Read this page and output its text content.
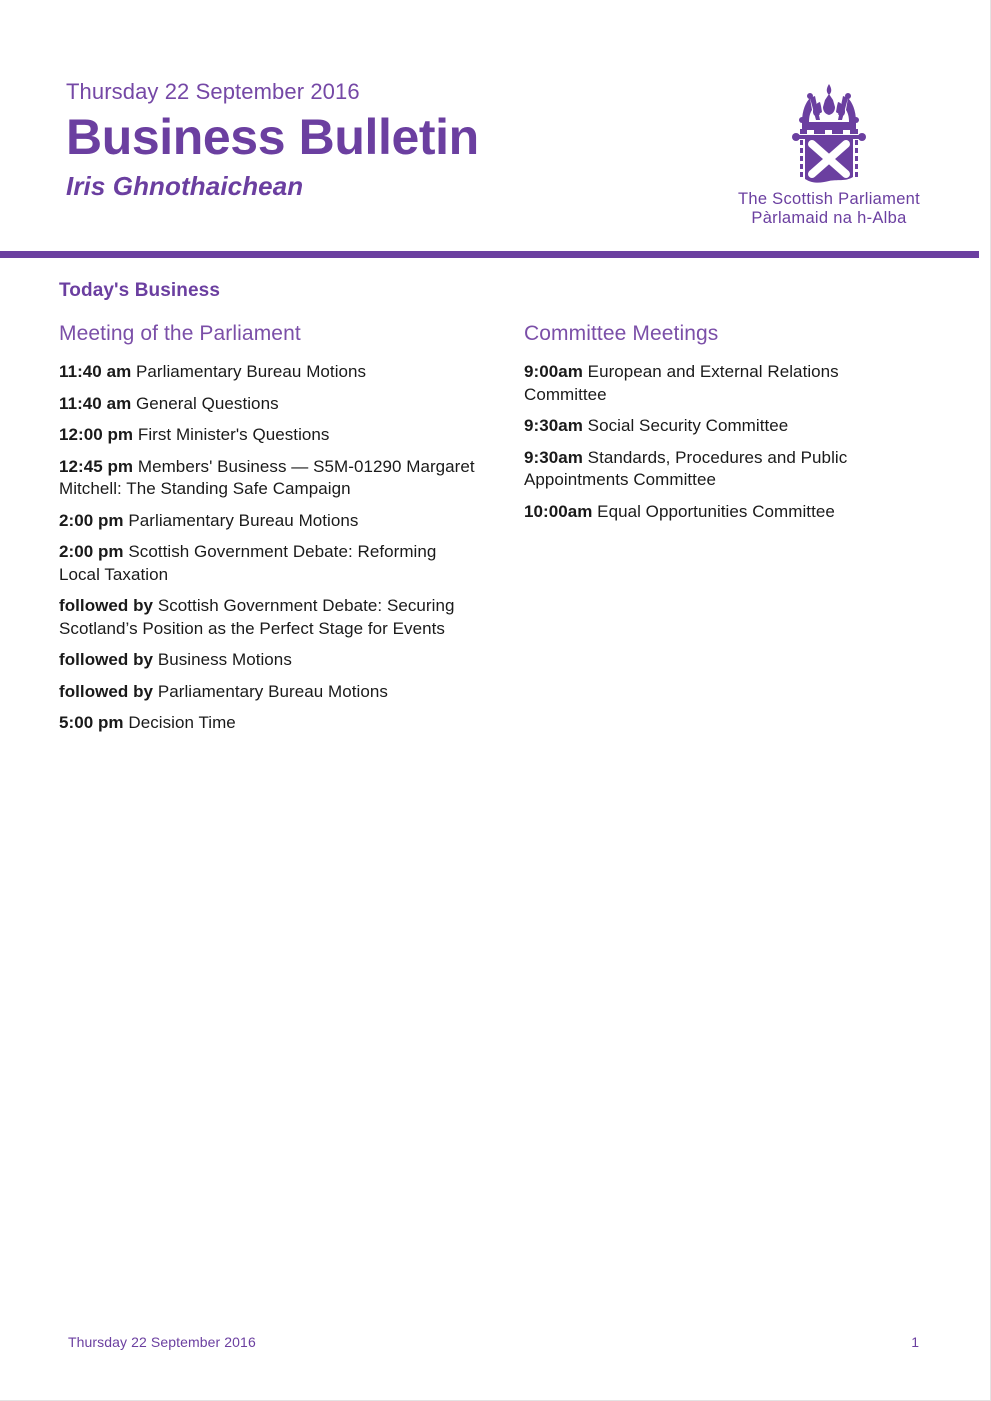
Thursday 22 September 2016
Business Bulletin
Iris Ghnothaichean	The Scottish Parliament
Pàrlamaid na h-Alba
Today's Business
Meeting of the Parliament
11:40 am Parliamentary Bureau Motions
11:40 am General Questions
12:00 pm First Minister's Questions
12:45 pm Members' Business — S5M-01290 Margaret Mitchell: The Standing Safe Campaign
2:00 pm Parliamentary Bureau Motions
2:00 pm Scottish Government Debate: Reforming Local Taxation
followed by Scottish Government Debate: Securing Scotland’s Position as the Perfect Stage for Events
followed by Business Motions
followed by Parliamentary Bureau Motions
5:00 pm Decision Time
Committee Meetings
9:00am European and External Relations Committee
9:30am Social Security Committee
9:30am Standards, Procedures and Public Appointments Committee
10:00am Equal Opportunities Committee
Thursday 22 September 2016	1
